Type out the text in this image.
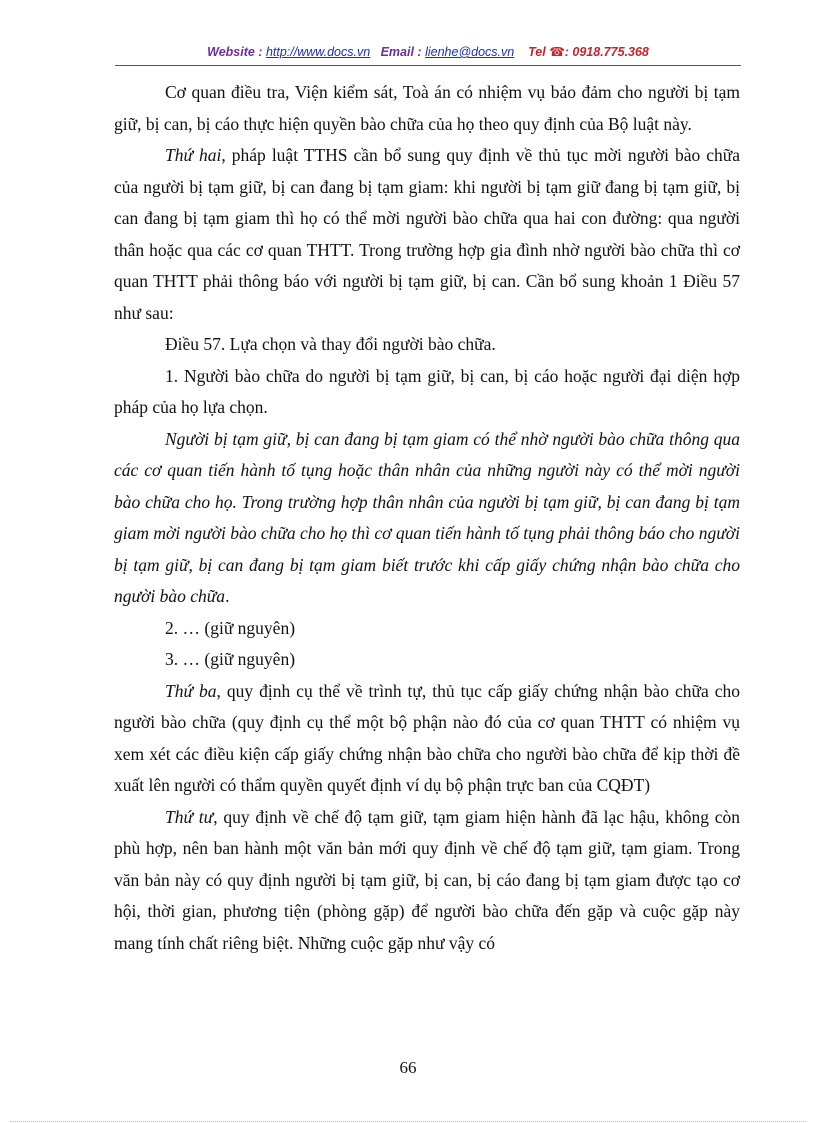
Website : http://www.docs.vn Email : lienhe@docs.vn Tel ☎: 0918.775.368

Cơ quan điều tra, Viện kiểm sát, Toà án có nhiệm vụ bảo đảm cho người bị tạm giữ, bị can, bị cáo thực hiện quyền bào chữa của họ theo quy định của Bộ luật này.

Thứ hai, pháp luật TTHS cần bổ sung quy định về thủ tục mời người bào chữa của người bị tạm giữ, bị can đang bị tạm giam: khi người bị tạm giữ đang bị tạm giữ, bị can đang bị tạm giam thì họ có thể mời người bào chữa qua hai con đường: qua người thân hoặc qua các cơ quan THTT. Trong trường hợp gia đình nhờ người bào chữa thì cơ quan THTT phải thông báo với người bị tạm giữ, bị can. Cần bổ sung khoản 1 Điều 57 như sau:

Điều 57. Lựa chọn và thay đổi người bào chữa.

1. Người bào chữa do người bị tạm giữ, bị can, bị cáo hoặc người đại diện hợp pháp của họ lựa chọn.

Người bị tạm giữ, bị can đang bị tạm giam có thể nhờ người bào chữa thông qua các cơ quan tiến hành tố tụng hoặc thân nhân của những người này có thể mời người bào chữa cho họ. Trong trường hợp thân nhân của người bị tạm giữ, bị can đang bị tạm giam mời người bào chữa cho họ thì cơ quan tiến hành tố tụng phải thông báo cho người bị tạm giữ, bị can đang bị tạm giam biết trước khi cấp giấy chứng nhận bào chữa cho người bào chữa.

2. … (giữ nguyên)

3. … (giữ nguyên)

Thứ ba, quy định cụ thể về trình tự, thủ tục cấp giấy chứng nhận bào chữa cho người bào chữa (quy định cụ thể một bộ phận nào đó của cơ quan THTT có nhiệm vụ xem xét các điều kiện cấp giấy chứng nhận bào chữa cho người bào chữa để kịp thời đề xuất lên người có thẩm quyền quyết định ví dụ bộ phận trực ban của CQĐT)

Thứ tư, quy định về chế độ tạm giữ, tạm giam hiện hành đã lạc hậu, không còn phù hợp, nên ban hành một văn bản mới quy định về chế độ tạm giữ, tạm giam. Trong văn bản này có quy định người bị tạm giữ, bị can, bị cáo đang bị tạm giam được tạo cơ hội, thời gian, phương tiện (phòng gặp) để người bào chữa đến gặp và cuộc gặp này mang tính chất riêng biệt. Những cuộc gặp như vậy có

66
